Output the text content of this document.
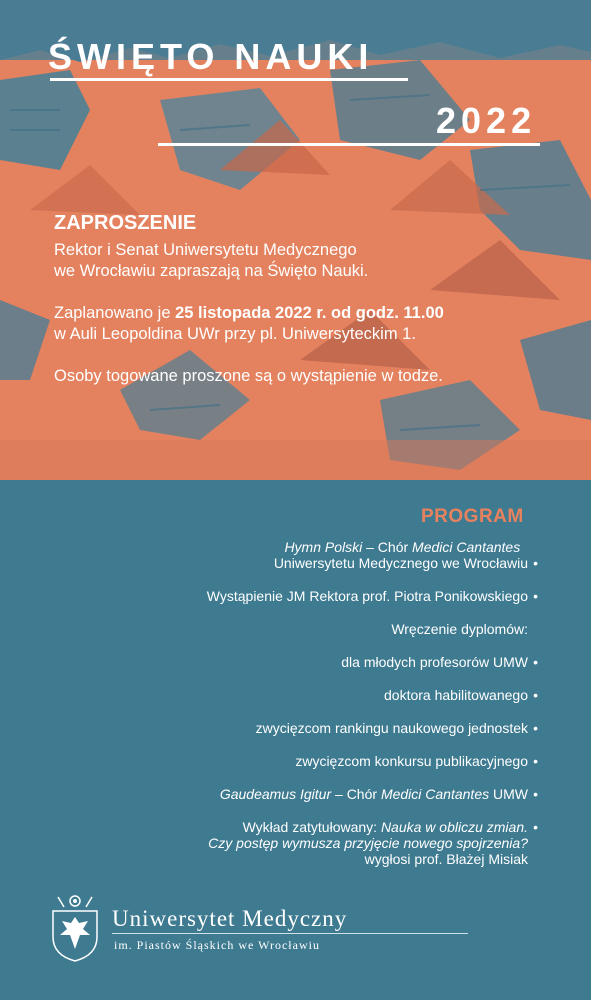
ŚWIĘTO NAUKI
2022
ZAPROSZENIE

Rektor i Senat Uniwersytetu Medycznego

we Wrocławiu zapraszają na Święto Nauki.

Zaplanowano je 25 listopada 2022 r. od godz. 11.00

w Auli Leopoldina UWr przy pl. Uniwersyteckim 1.

Osoby togowane proszone są o wystąpienie w todze.

PROGRAM
Hymn Polski – Chór Medici Cantantes
Uniwersytetu Medycznego we Wrocławiu •
Wystąpienie JM Rektora prof. Piotra Ponikowskiego •
Wręczenie dyplomów:
dla młodych profesorów UMW •
doktora habilitowanego •
zwycięzcom rankingu naukowego jednostek •
zwycięzcom konkursu publikacyjnego •
Gaudeamus Igitur – Chór Medici Cantantes UMW •
Wykład zatytułowany: Nauka w obliczu zmian.
Czy postęp wymusza przyjęcie nowego spojrzenia?
wygłosi prof. Błażej Misiak
•
Uniwersytet Medyczny
im. Piastów Śląskich we Wrocławiu
